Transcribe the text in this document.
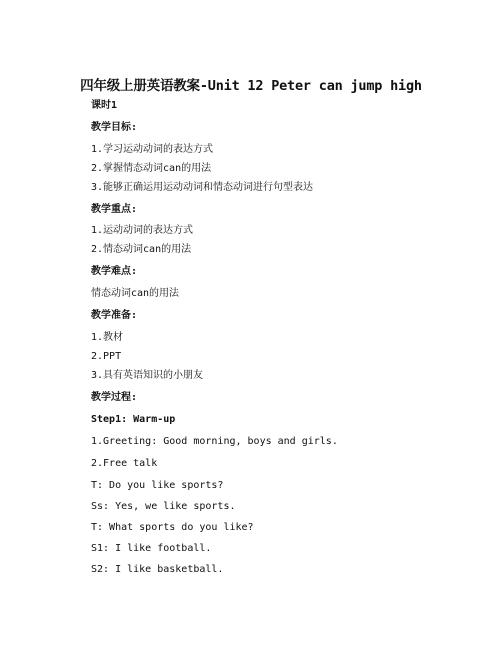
四年级上册英语教案-Unit 12 Peter can jump high
课时1
教学目标:
1.学习运动动词的表达方式
2.掌握情态动词can的用法
3.能够正确运用运动动词和情态动词进行句型表达
教学重点:
1.运动动词的表达方式
2.情态动词can的用法
教学难点:
情态动词can的用法
教学准备:
1.教材
2.PPT
3.具有英语知识的小朋友
教学过程:
Step1: Warm-up
1.Greeting: Good morning, boys and girls.
2.Free talk
T: Do you like sports?
Ss: Yes, we like sports.
T: What sports do you like?
S1: I like football.
S2: I like basketball.
